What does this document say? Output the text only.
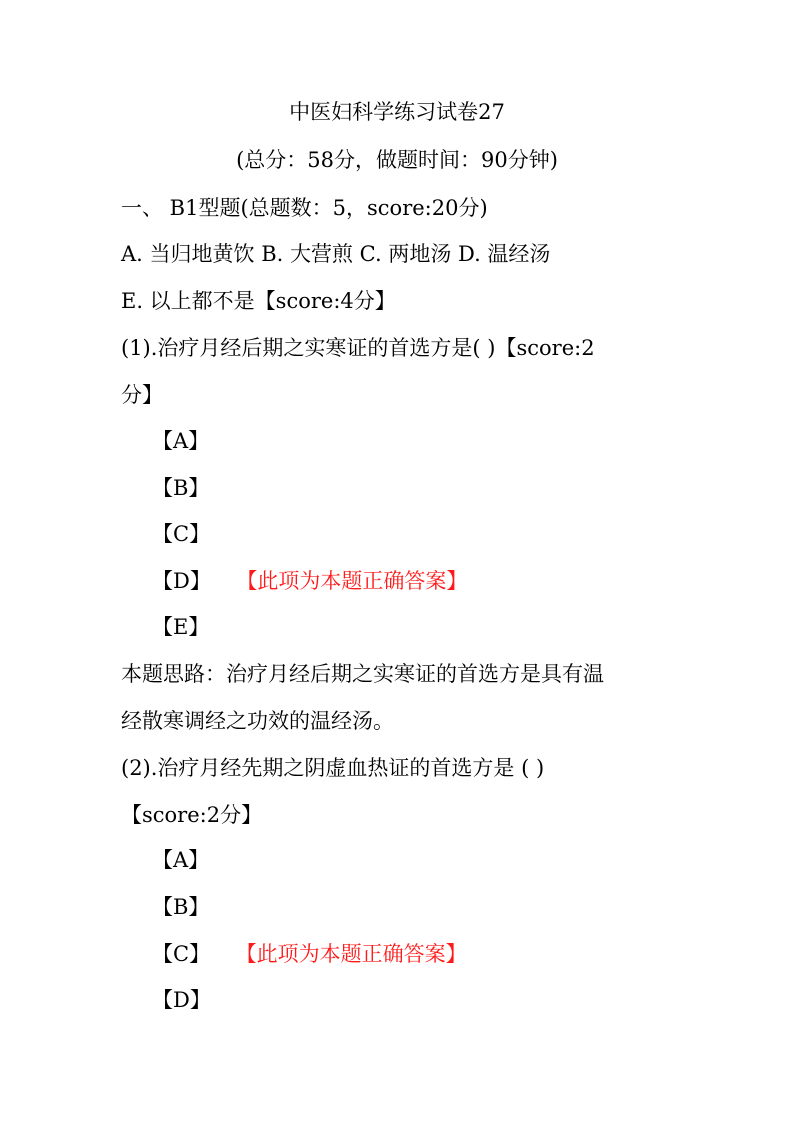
中医妇科学练习试卷27
(总分：58分，做题时间：90分钟)
一、 B1型题(总题数：5，score:20分)
A. 当归地黄饮 B. 大营煎 C. 两地汤 D. 温经汤
E. 以上都不是【score:4分】
(1).治疗月经后期之实寒证的首选方是( )【score:2
分】
【A】
【B】
【C】
【D】 【此项为本题正确答案】
【E】
本题思路：治疗月经后期之实寒证的首选方是具有温
经散寒调经之功效的温经汤。
(2).治疗月经先期之阴虚血热证的首选方是 ( )
【score:2分】
【A】
【B】
【C】 【此项为本题正确答案】
【D】
